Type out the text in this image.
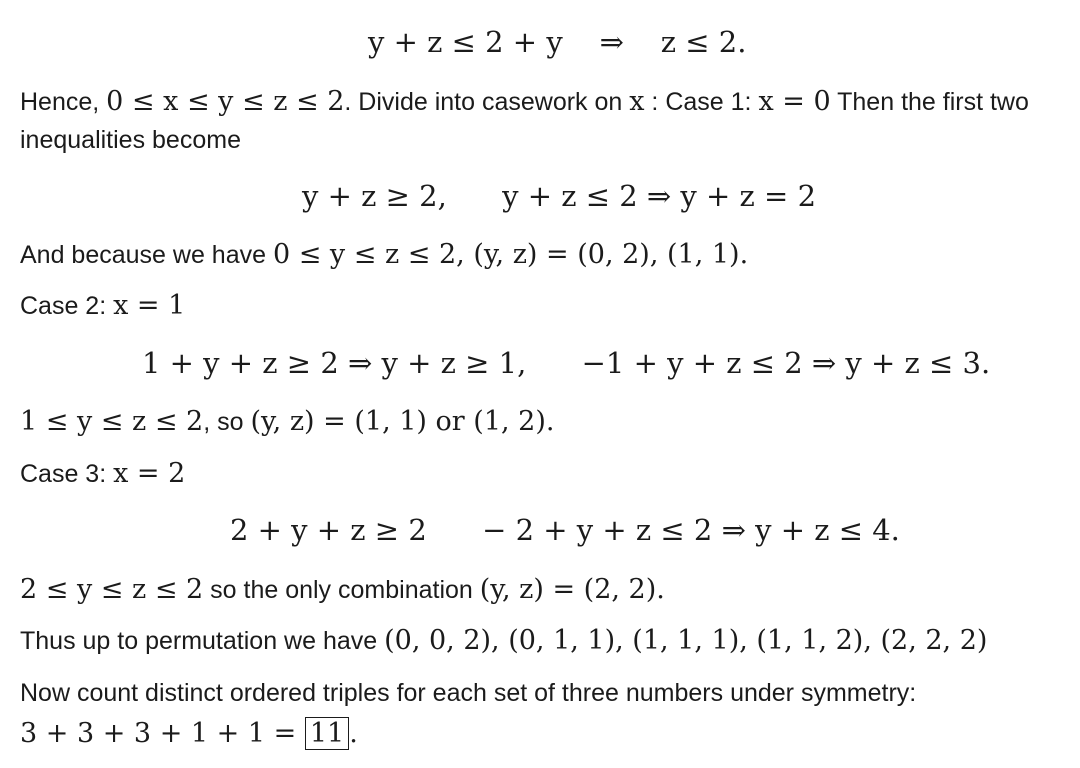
y + z ≤ 2 + y    ⇒    z ≤ 2.
Hence, 0 ≤ x ≤ y ≤ z ≤ 2. Divide into casework on x : Case 1: x = 0 Then the first two
inequalities become
y + z ≥ 2,      y + z ≤ 2 ⇒ y + z = 2
And because we have 0 ≤ y ≤ z ≤ 2, (y, z) = (0, 2), (1, 1).
Case 2: x = 1
1 + y + z ≥ 2 ⇒ y + z ≥ 1,      −1 + y + z ≤ 2 ⇒ y + z ≤ 3.
1 ≤ y ≤ z ≤ 2, so (y, z) = (1, 1) or (1, 2).
Case 3: x = 2
2 + y + z ≥ 2      − 2 + y + z ≤ 2 ⇒ y + z ≤ 4.
2 ≤ y ≤ z ≤ 2 so the only combination (y, z) = (2, 2).
Thus up to permutation we have (0, 0, 2), (0, 1, 1), (1, 1, 1), (1, 1, 2), (2, 2, 2)
Now count distinct ordered triples for each set of three numbers under symmetry:
3 + 3 + 3 + 1 + 1 = 11 .
